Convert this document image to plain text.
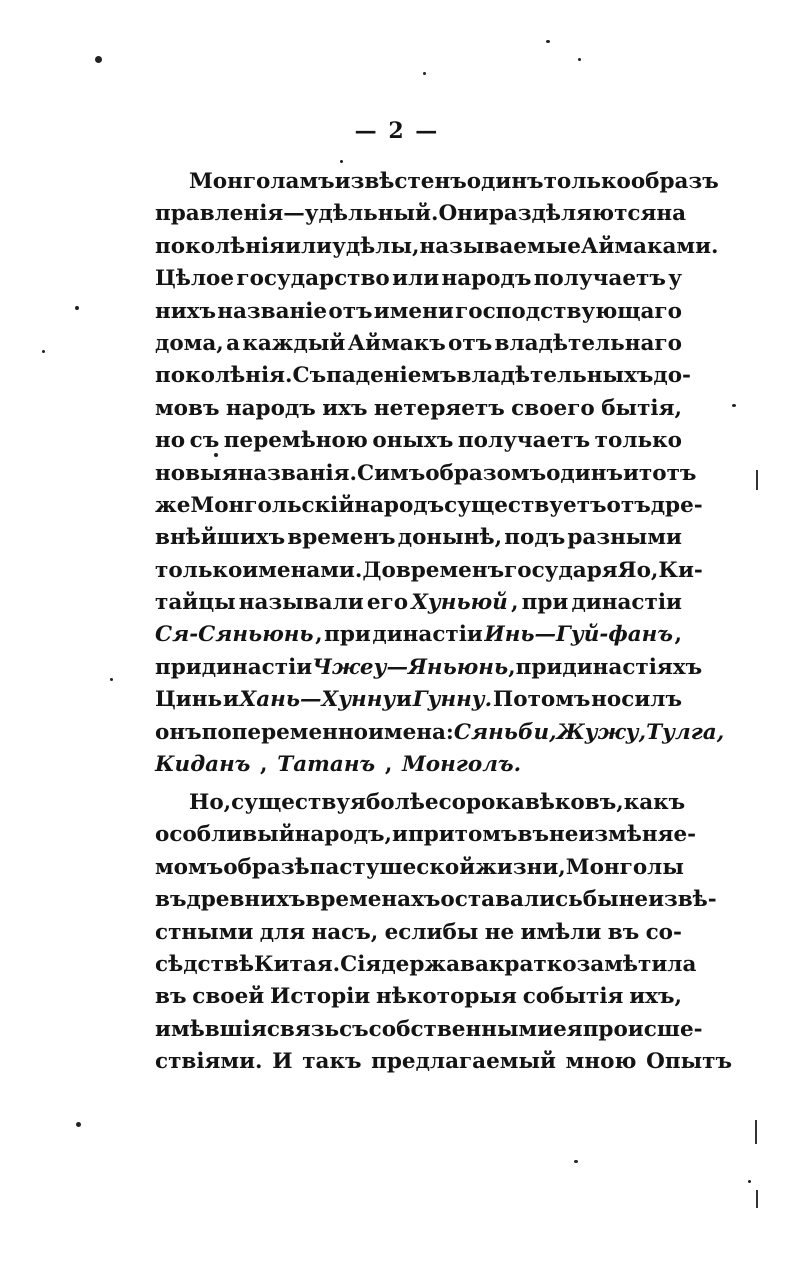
— 2 —
Монголамъ извѣстенъ одинъ только образъ
правленія — удѣльный. Они раздѣляются на
поколѣнія или удѣлы , называемые Аймаками.
Цѣлое государство или народъ получаетъ у
нихъ названіе отъ имени господствующаго
дома, а каждый Аймакъ отъ владѣтельнаго
поколѣнія. Съ паденіемъ владѣтельныхъ до-
мовъ народъ ихъ нетеряетъ своего бытія,
но съ перемѣною оныхъ получаетъ только
новыя названія. Симъ образомъ одинъ и тотъ
же Монгольскій народъ существуетъ отъ дре-
внѣйшихъ временъ донынѣ, подъ разными
только именами. До временъ государя Яо, Ки-
тайцы называли его Хуньюй , при династіи
Ся-Сяньюнь , при династіи Инь—Гуй-фанъ ,
при династіи Чжеу—Яньюнь , при династіяхъ
Цинь и Хань—Хунну и Гунну. Потомъ носилъ
онъ попеременно имена: Сяньби, Жужу, Тулга,
Киданъ , Татанъ , Монголъ.
Но, существуя болѣе сорока вѣковъ, какъ
особливый народъ, и притомъ въ неизмѣняе-
момъ образѣ пастушеской жизни, Монголы
въ древнихъ временахъ оставались бы неизвѣ-
стными для насъ, еслибы не имѣли въ со-
сѣдствѣ Китая. Сія держава кратко замѣтила
въ своей Исторіи нѣкоторыя событія ихъ,
имѣвшія связь съ собственными ея происше-
ствіями. И такъ предлагаемый мною Опытъ
